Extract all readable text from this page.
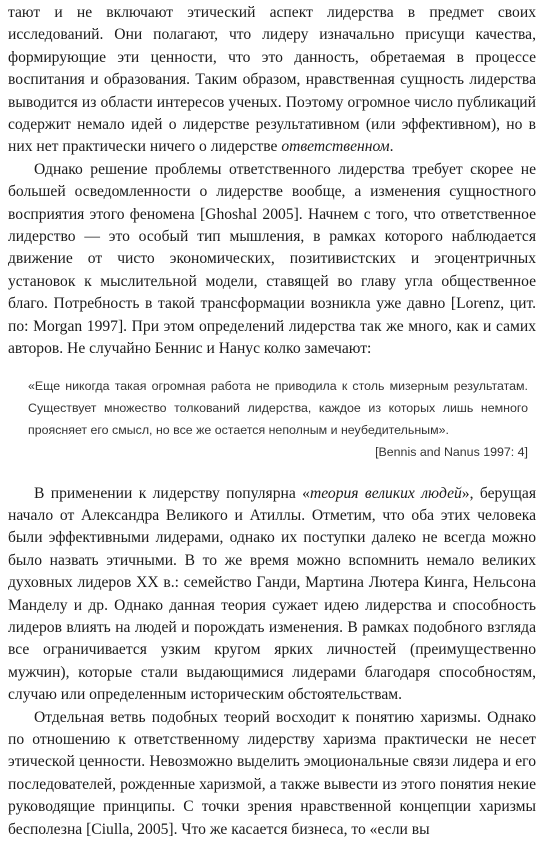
тают и не включают этический аспект лидерства в предмет своих исследований. Они полагают, что лидеру изначально присущи качества, формирующие эти ценности, что это данность, обретаемая в процессе воспитания и образования. Таким образом, нравственная сущность лидерства выводится из области интересов ученых. Поэтому огромное число публикаций содержит немало идей о лидерстве результативном (или эффективном), но в них нет практически ничего о лидерстве ответственном.

Однако решение проблемы ответственного лидерства требует скорее не большей осведомленности о лидерстве вообще, а изменения сущностного восприятия этого феномена [Ghoshal 2005]. Начнем с того, что ответственное лидерство — это особый тип мышления, в рамках которого наблюдается движение от чисто экономических, позитивистских и эгоцентричных установок к мыслительной модели, ставящей во главу угла общественное благо. Потребность в такой трансформации возникла уже давно [Lorenz, цит. по: Morgan 1997]. При этом определений лидерства так же много, как и самих авторов. Не случайно Беннис и Нанус колко замечают:

«Еще никогда такая огромная работа не приводила к столь мизерным результатам. Существует множество толкований лидерства, каждое из которых лишь немного проясняет его смысл, но все же остается неполным и неубедительным».

[Bennis and Nanus 1997: 4]

В применении к лидерству популярна «теория великих людей», берущая начало от Александра Великого и Атиллы. Отметим, что оба этих человека были эффективными лидерами, однако их поступки далеко не всегда можно было назвать этичными. В то же время можно вспомнить немало великих духовных лидеров XX в.: семейство Ганди, Мартина Лютера Кинга, Нельсона Манделу и др. Однако данная теория сужает идею лидерства и способность лидеров влиять на людей и порождать изменения. В рамках подобного взгляда все ограничивается узким кругом ярких личностей (преимущественно мужчин), которые стали выдающимися лидерами благодаря способностям, случаю или определенным историческим обстоятельствам.

Отдельная ветвь подобных теорий восходит к понятию харизмы. Однако по отношению к ответственному лидерству харизма практически не несет этической ценности. Невозможно выделить эмоциональные связи лидера и его последователей, рожденные харизмой, а также вывести из этого понятия некие руководящие принципы. С точки зрения нравственной концепции харизмы бесполезна [Ciulla, 2005]. Что же касается бизнеса, то «если вы
